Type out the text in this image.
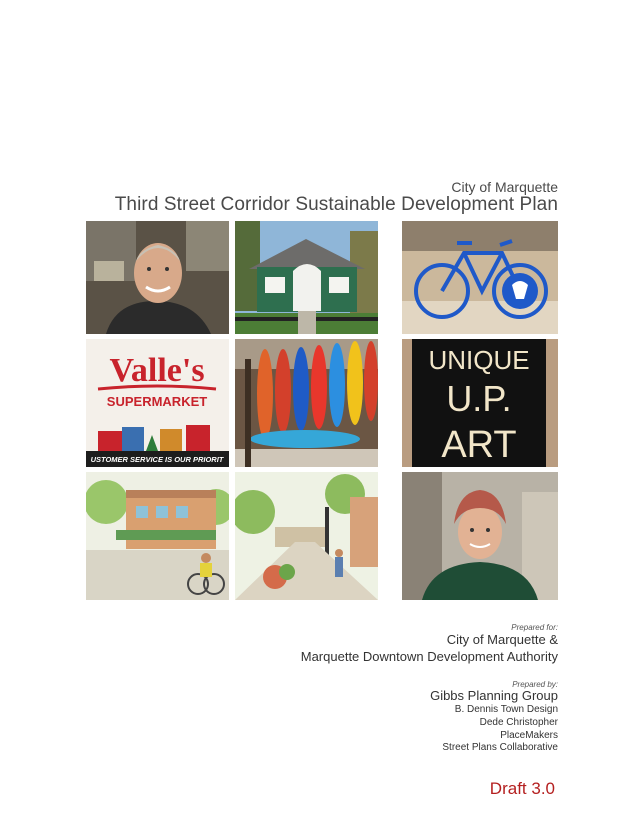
City of Marquette
Third Street Corridor Sustainable Development Plan
Valle's
SUPERMARKET
USTOMER SERVICE IS OUR PRIORIT
UNIQUE
U.P.
ART
Prepared for:
City of Marquette &
Marquette Downtown Development Authority
Prepared by:
Gibbs Planning Group
B. Dennis Town Design
Dede Christopher
PlaceMakers
Street Plans Collaborative
Draft 3.0
